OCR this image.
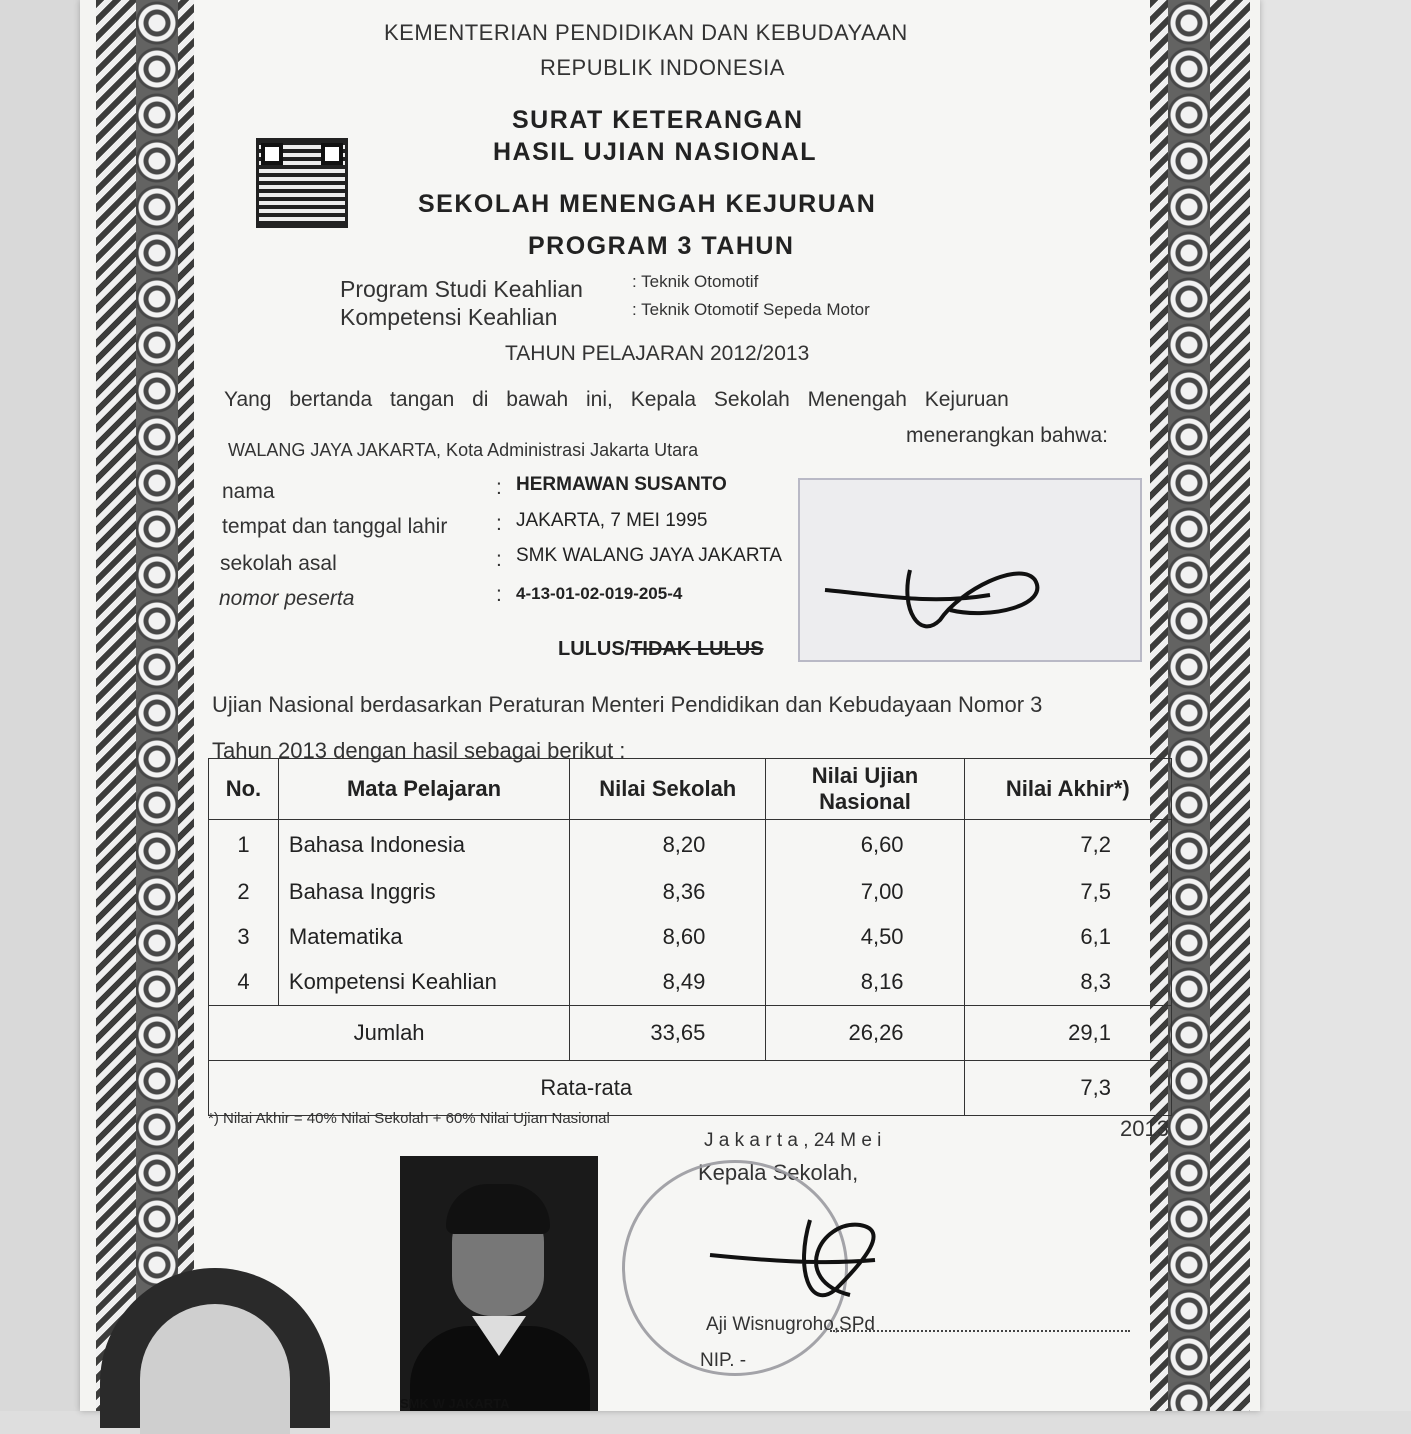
KEMENTERIAN PENDIDIKAN DAN KEBUDAYAAN
REPUBLIK INDONESIA
SURAT KETERANGAN
HASIL UJIAN NASIONAL
SEKOLAH MENENGAH KEJURUAN
PROGRAM 3 TAHUN
Program Studi Keahlian	: Teknik Otomotif
Kompetensi Keahlian	: Teknik Otomotif Sepeda Motor
TAHUN PELAJARAN 2012/2013
Yang bertanda tangan di bawah ini, Kepala Sekolah Menengah Kejuruan
WALANG JAYA JAKARTA, Kota Administrasi Jakarta Utara
menerangkan bahwa:
nama	: HERMAWAN SUSANTO
tempat dan tanggal lahir : JAKARTA, 7 MEI 1995
sekolah asal	: SMK WALANG JAYA JAKARTA
nomor peserta	: 4-13-01-02-019-205-4
LULUS/TIDAK LULUS
Ujian Nasional berdasarkan Peraturan Menteri Pendidikan dan Kebudayaan Nomor 3
Tahun 2013 dengan hasil sebagai berikut :
No.	Mata Pelajaran	Nilai Sekolah	Nilai Ujian Nasional	Nilai Akhir*)
1	Bahasa Indonesia	8,20	6,60	7,2
2	Bahasa Inggris	8,36	7,00	7,5
3	Matematika	8,60	4,50	6,1
4	Kompetensi Keahlian	8,49	8,16	8,3
Jumlah		33,65	26,26	29,1
Rata-rata				7,3
*) Nilai Akhir = 40% Nilai Sekolah + 60% Nilai Ujian Nasional
J a k a r t a , 24 M e i	2013
Kepala Sekolah,
Aji Wisnugroho,SPd
NIP. -
SMK W JAKARTA
